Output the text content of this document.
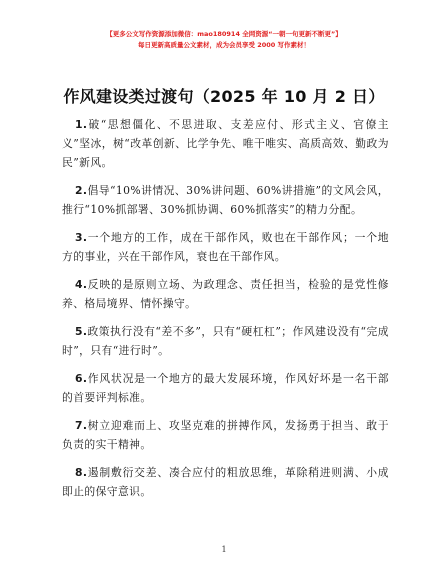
【更多公文写作资源添加微信：mao180914 全网资源“一朝一句更新不断更”】
每日更新高质量公文素材，成为会员享受 2000 写作素材！
作风建设类过渡句（2025 年 10 月 2 日）

1.破“思想僵化、不思进取、支差应付、形式主义、官僚主义”坚冰，树“改革创新、比学争先、唯干唯实、高质高效、勤政为民”新风。

2.倡导“10%讲情况、30%讲问题、60%讲措施”的文风会风，推行“10%抓部署、30%抓协调、60%抓落实”的精力分配。

3.一个地方的工作，成在干部作风，败也在干部作风；一个地方的事业，兴在干部作风，衰也在干部作风。

4.反映的是原则立场、为政理念、责任担当，检验的是党性修养、格局境界、情怀操守。

5.政策执行没有“差不多”，只有“硬杠杠”；作风建设没有“完成时”，只有“进行时”。

6.作风状况是一个地方的最大发展环境，作风好坏是一名干部的首要评判标准。

7.树立迎难而上、攻坚克难的拼搏作风，发扬勇于担当、敢于负责的实干精神。

8.遏制敷衍交差、凑合应付的粗放思维，革除稍进则满、小成即止的保守意识。

1
